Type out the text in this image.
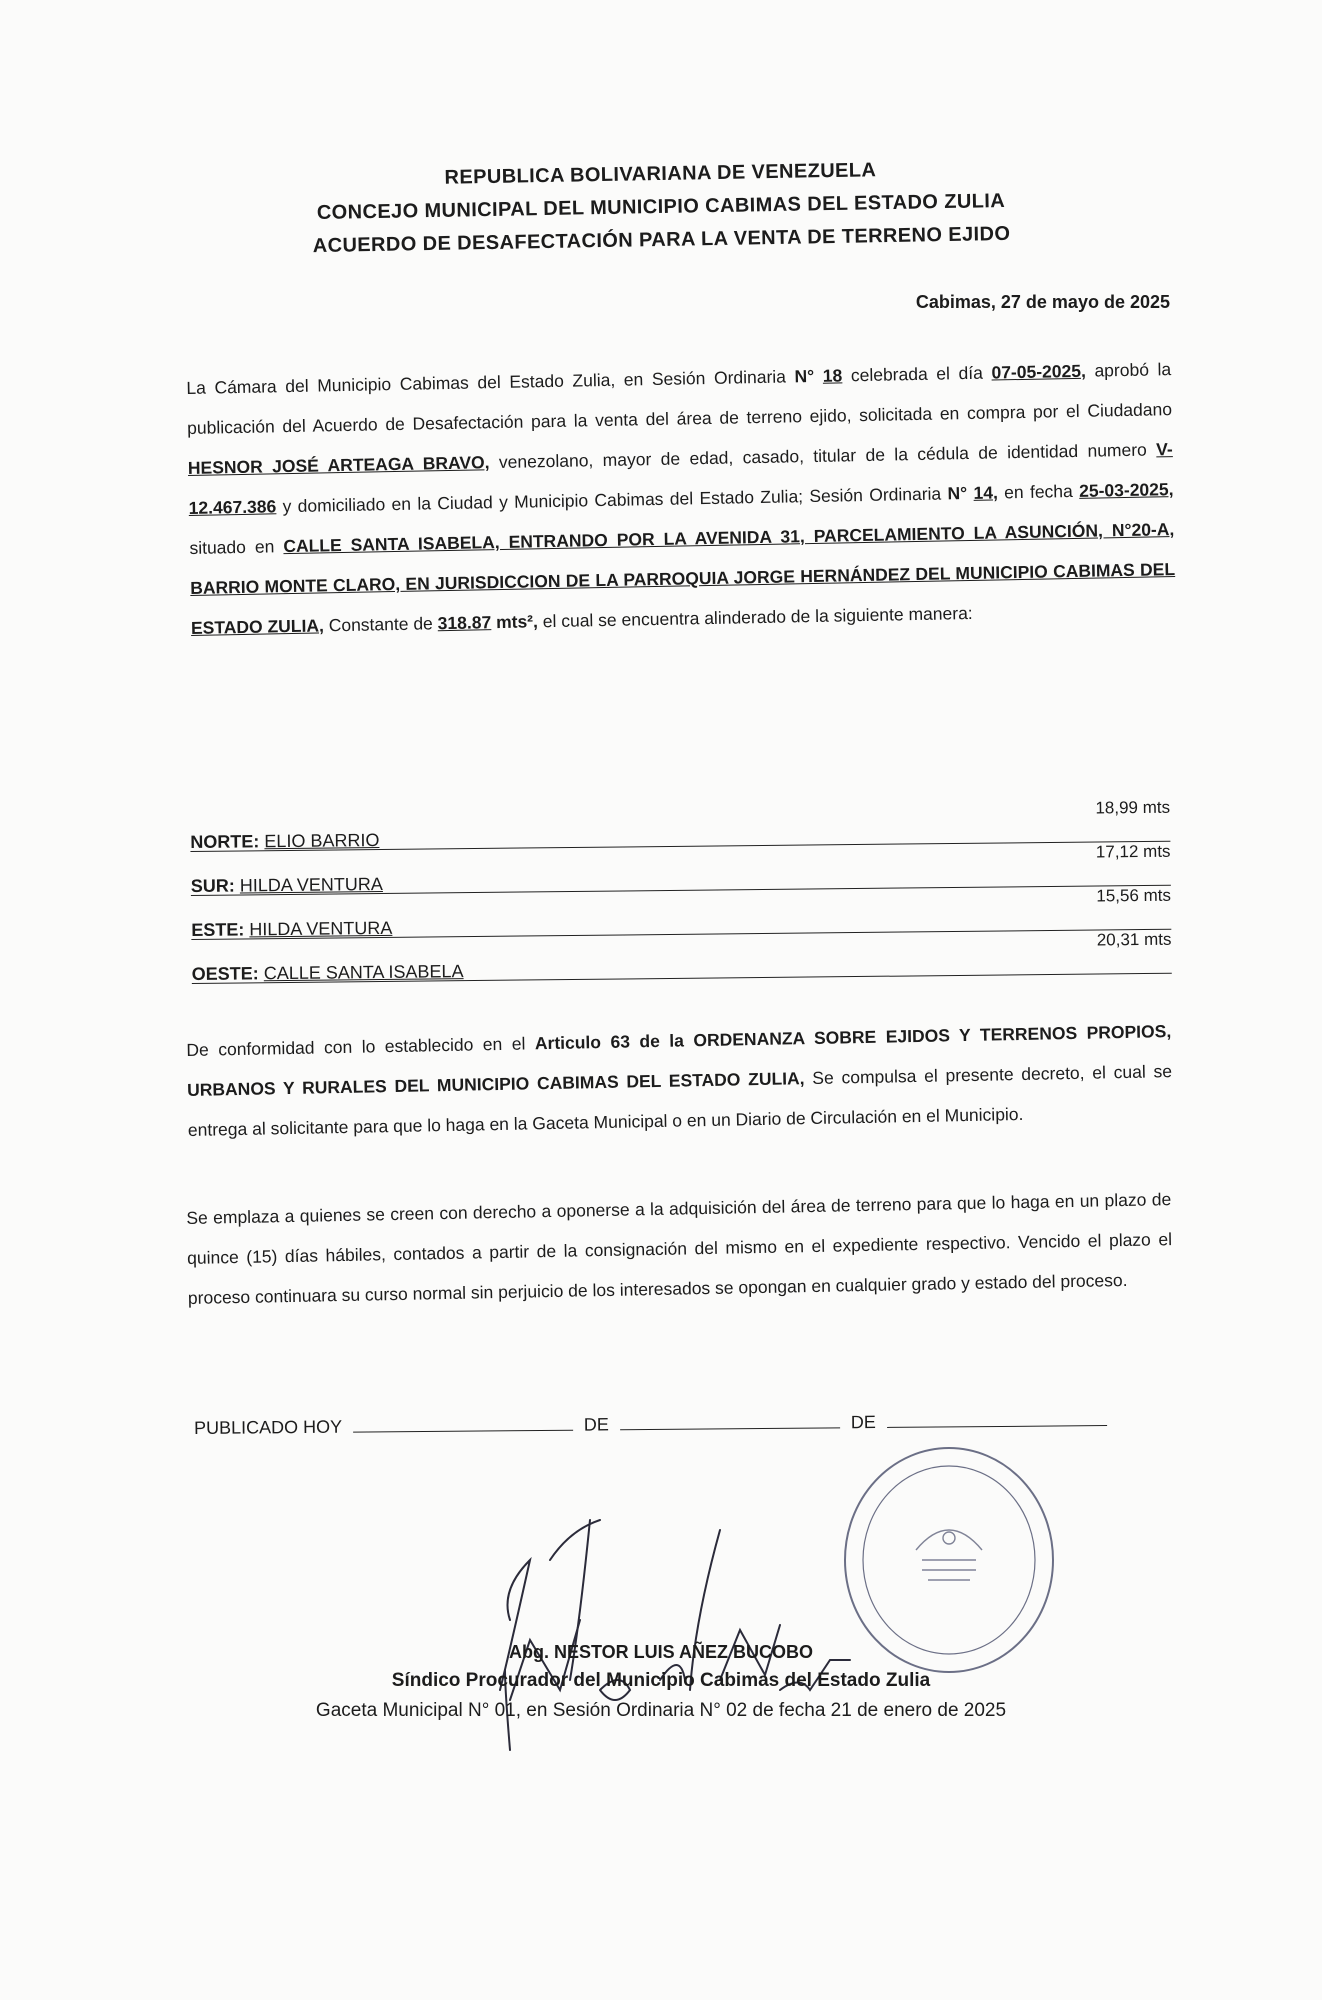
REPUBLICA BOLIVARIANA DE VENEZUELA
CONCEJO MUNICIPAL DEL MUNICIPIO CABIMAS DEL ESTADO ZULIA
ACUERDO DE DESAFECTACIÓN PARA LA VENTA DE TERRENO EJIDO
Cabimas, 27 de mayo de 2025
La Cámara del Municipio Cabimas del Estado Zulia, en Sesión Ordinaria N° 18 celebrada el día 07-05-2025, aprobó la publicación del Acuerdo de Desafectación para la venta del área de terreno ejido, solicitada en compra por el Ciudadano HESNOR JOSÉ ARTEAGA BRAVO, venezolano, mayor de edad, casado, titular de la cédula de identidad numero V-12.467.386 y domiciliado en la Ciudad y Municipio Cabimas del Estado Zulia; Sesión Ordinaria N° 14, en fecha 25-03-2025, situado en CALLE SANTA ISABELA, ENTRANDO POR LA AVENIDA 31, PARCELAMIENTO LA ASUNCIÓN, N°20-A, BARRIO MONTE CLARO, EN JURISDICCION DE LA PARROQUIA JORGE HERNÁNDEZ DEL MUNICIPIO CABIMAS DEL ESTADO ZULIA, Constante de 318.87 mts², el cual se encuentra alinderado de la siguiente manera:
NORTE: ELIO BARRIO
18,99 mts
SUR: HILDA VENTURA
17,12 mts
ESTE: HILDA VENTURA
15,56 mts
OESTE: CALLE SANTA ISABELA
20,31 mts
De conformidad con lo establecido en el Articulo 63 de la ORDENANZA SOBRE EJIDOS Y TERRENOS PROPIOS, URBANOS Y RURALES DEL MUNICIPIO CABIMAS DEL ESTADO ZULIA, Se compulsa el presente decreto, el cual se entrega al solicitante para que lo haga en la Gaceta Municipal o en un Diario de Circulación en el Municipio.
Se emplaza a quienes se creen con derecho a oponerse a la adquisición del área de terreno para que lo haga en un plazo de quince (15) días hábiles, contados a partir de la consignación del mismo en el expediente respectivo. Vencido el plazo el proceso continuara su curso normal sin perjuicio de los interesados se opongan en cualquier grado y estado del proceso.
PUBLICADO HOY	DE	DE
Abg. NESTOR LUIS AÑEZ BUCOBO
Síndico Procurador del Municipio Cabimas del Estado Zulia
Gaceta Municipal N° 01, en Sesión Ordinaria N° 02 de fecha 21 de enero de 2025
